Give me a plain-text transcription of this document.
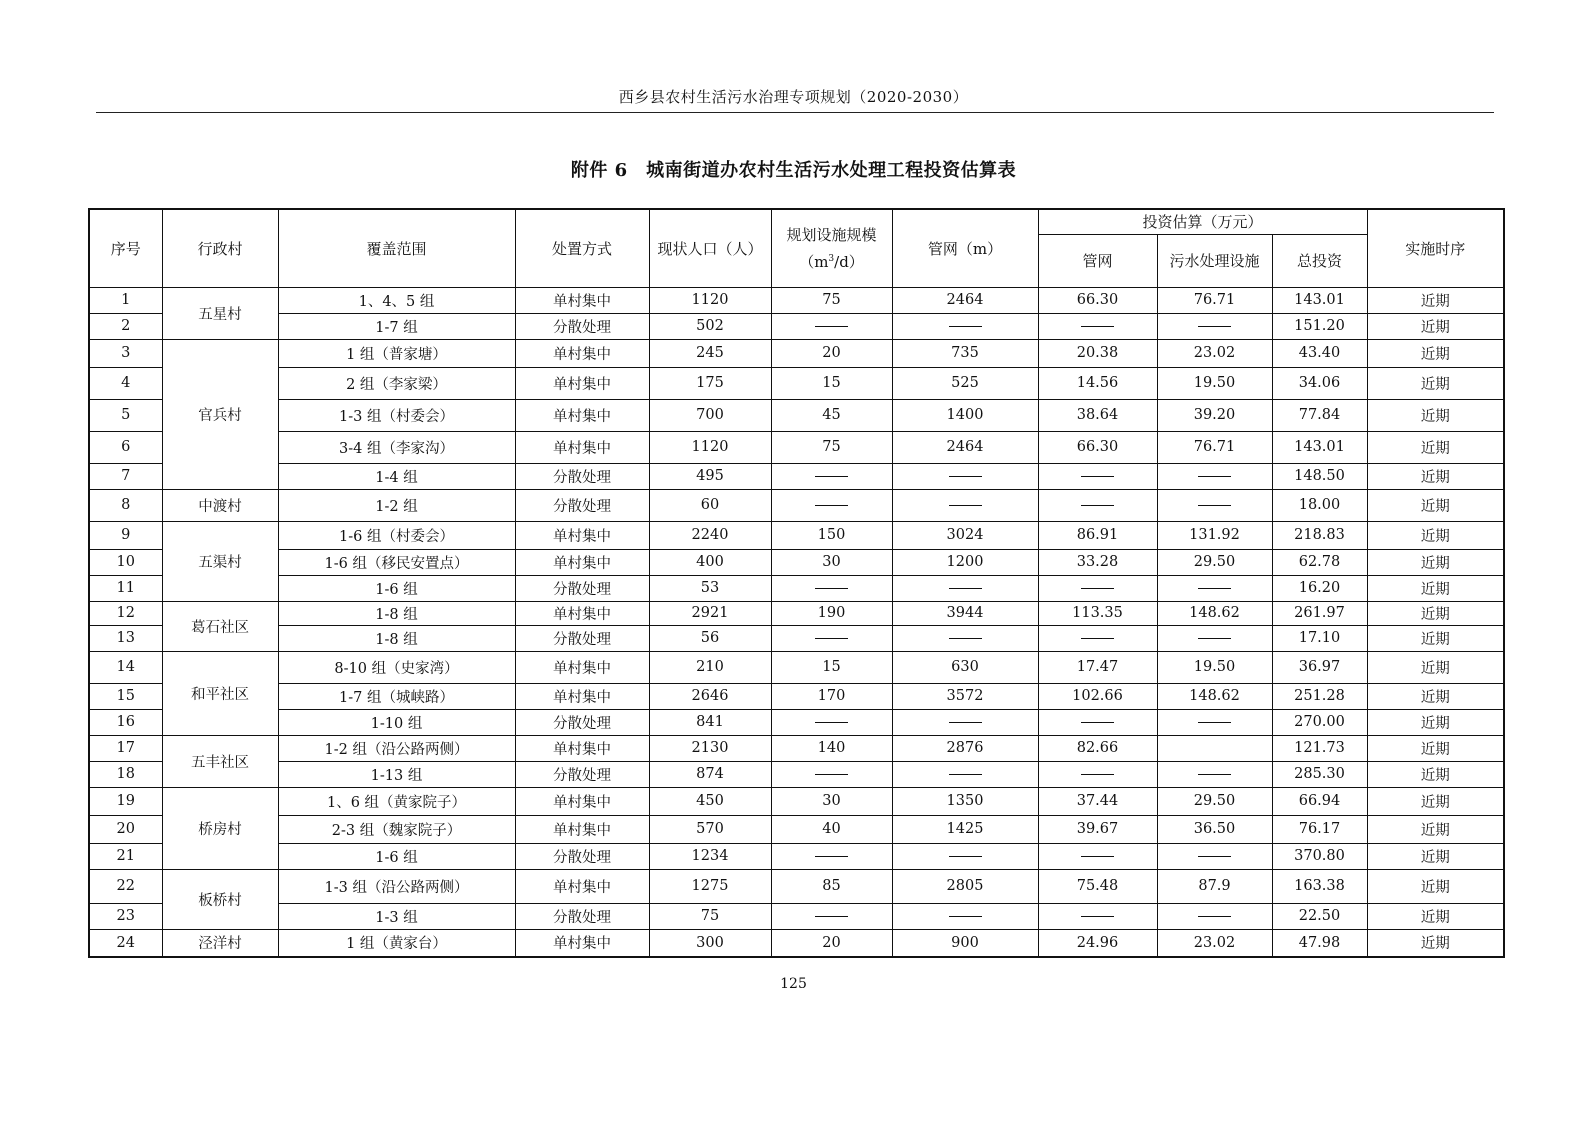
西乡县农村生活污水治理专项规划（2020-2030）
附件 6　城南街道办农村生活污水处理工程投资估算表
序号	行政村	覆盖范围	处置方式	现状人口（人）	规划设施规模
$(m^3/d)$	管网（m）	投资估算（万元）			实施时序
							管网	污水处理设施	总投资	
1	五星村	1、4、5 组	单村集中	1120	75	2464	66.30	76.71	143.01	近期
2		1-7 组	分散处理	502					151.20	近期
3	官兵村	1 组（普家塘）	单村集中	245	20	735	20.38	23.02	43.40	近期
4		2 组（李家梁）	单村集中	175	15	525	14.56	19.50	34.06	近期
5		1-3 组（村委会）	单村集中	700	45	1400	38.64	39.20	77.84	近期
6		3-4 组（李家沟）	单村集中	1120	75	2464	66.30	76.71	143.01	近期
7		1-4 组	分散处理	495					148.50	近期
8	中渡村	1-2 组	分散处理	60					18.00	近期
9	五渠村	1-6 组（村委会）	单村集中	2240	150	3024	86.91	131.92	218.83	近期
10		1-6 组（移民安置点）	单村集中	400	30	1200	33.28	29.50	62.78	近期
11		1-6 组	分散处理	53					16.20	近期
12	葛石社区	1-8 组	单村集中	2921	190	3944	113.35	148.62	261.97	近期
13		1-8 组	分散处理	56					17.10	近期
14	和平社区	8-10 组（史家湾）	单村集中	210	15	630	17.47	19.50	36.97	近期
15		1-7 组（城峡路）	单村集中	2646	170	3572	102.66	148.62	251.28	近期
16		1-10 组	分散处理	841					270.00	近期
17	五丰社区	1-2 组（沿公路两侧）	单村集中	2130	140	2876	82.66		121.73	近期
18		1-13 组	分散处理	874					285.30	近期
19	桥房村	1、6 组（黄家院子）	单村集中	450	30	1350	37.44	29.50	66.94	近期
20		2-3 组（魏家院子）	单村集中	570	40	1425	39.67	36.50	76.17	近期
21		1-6 组	分散处理	1234					370.80	近期
22	板桥村	1-3 组（沿公路两侧）	单村集中	1275	85	2805	75.48	87.9	163.38	近期
23		1-3 组	分散处理	75					22.50	近期
24	泾洋村	1 组（黄家台）	单村集中	300	20	900	24.96	23.02	47.98	近期
125
